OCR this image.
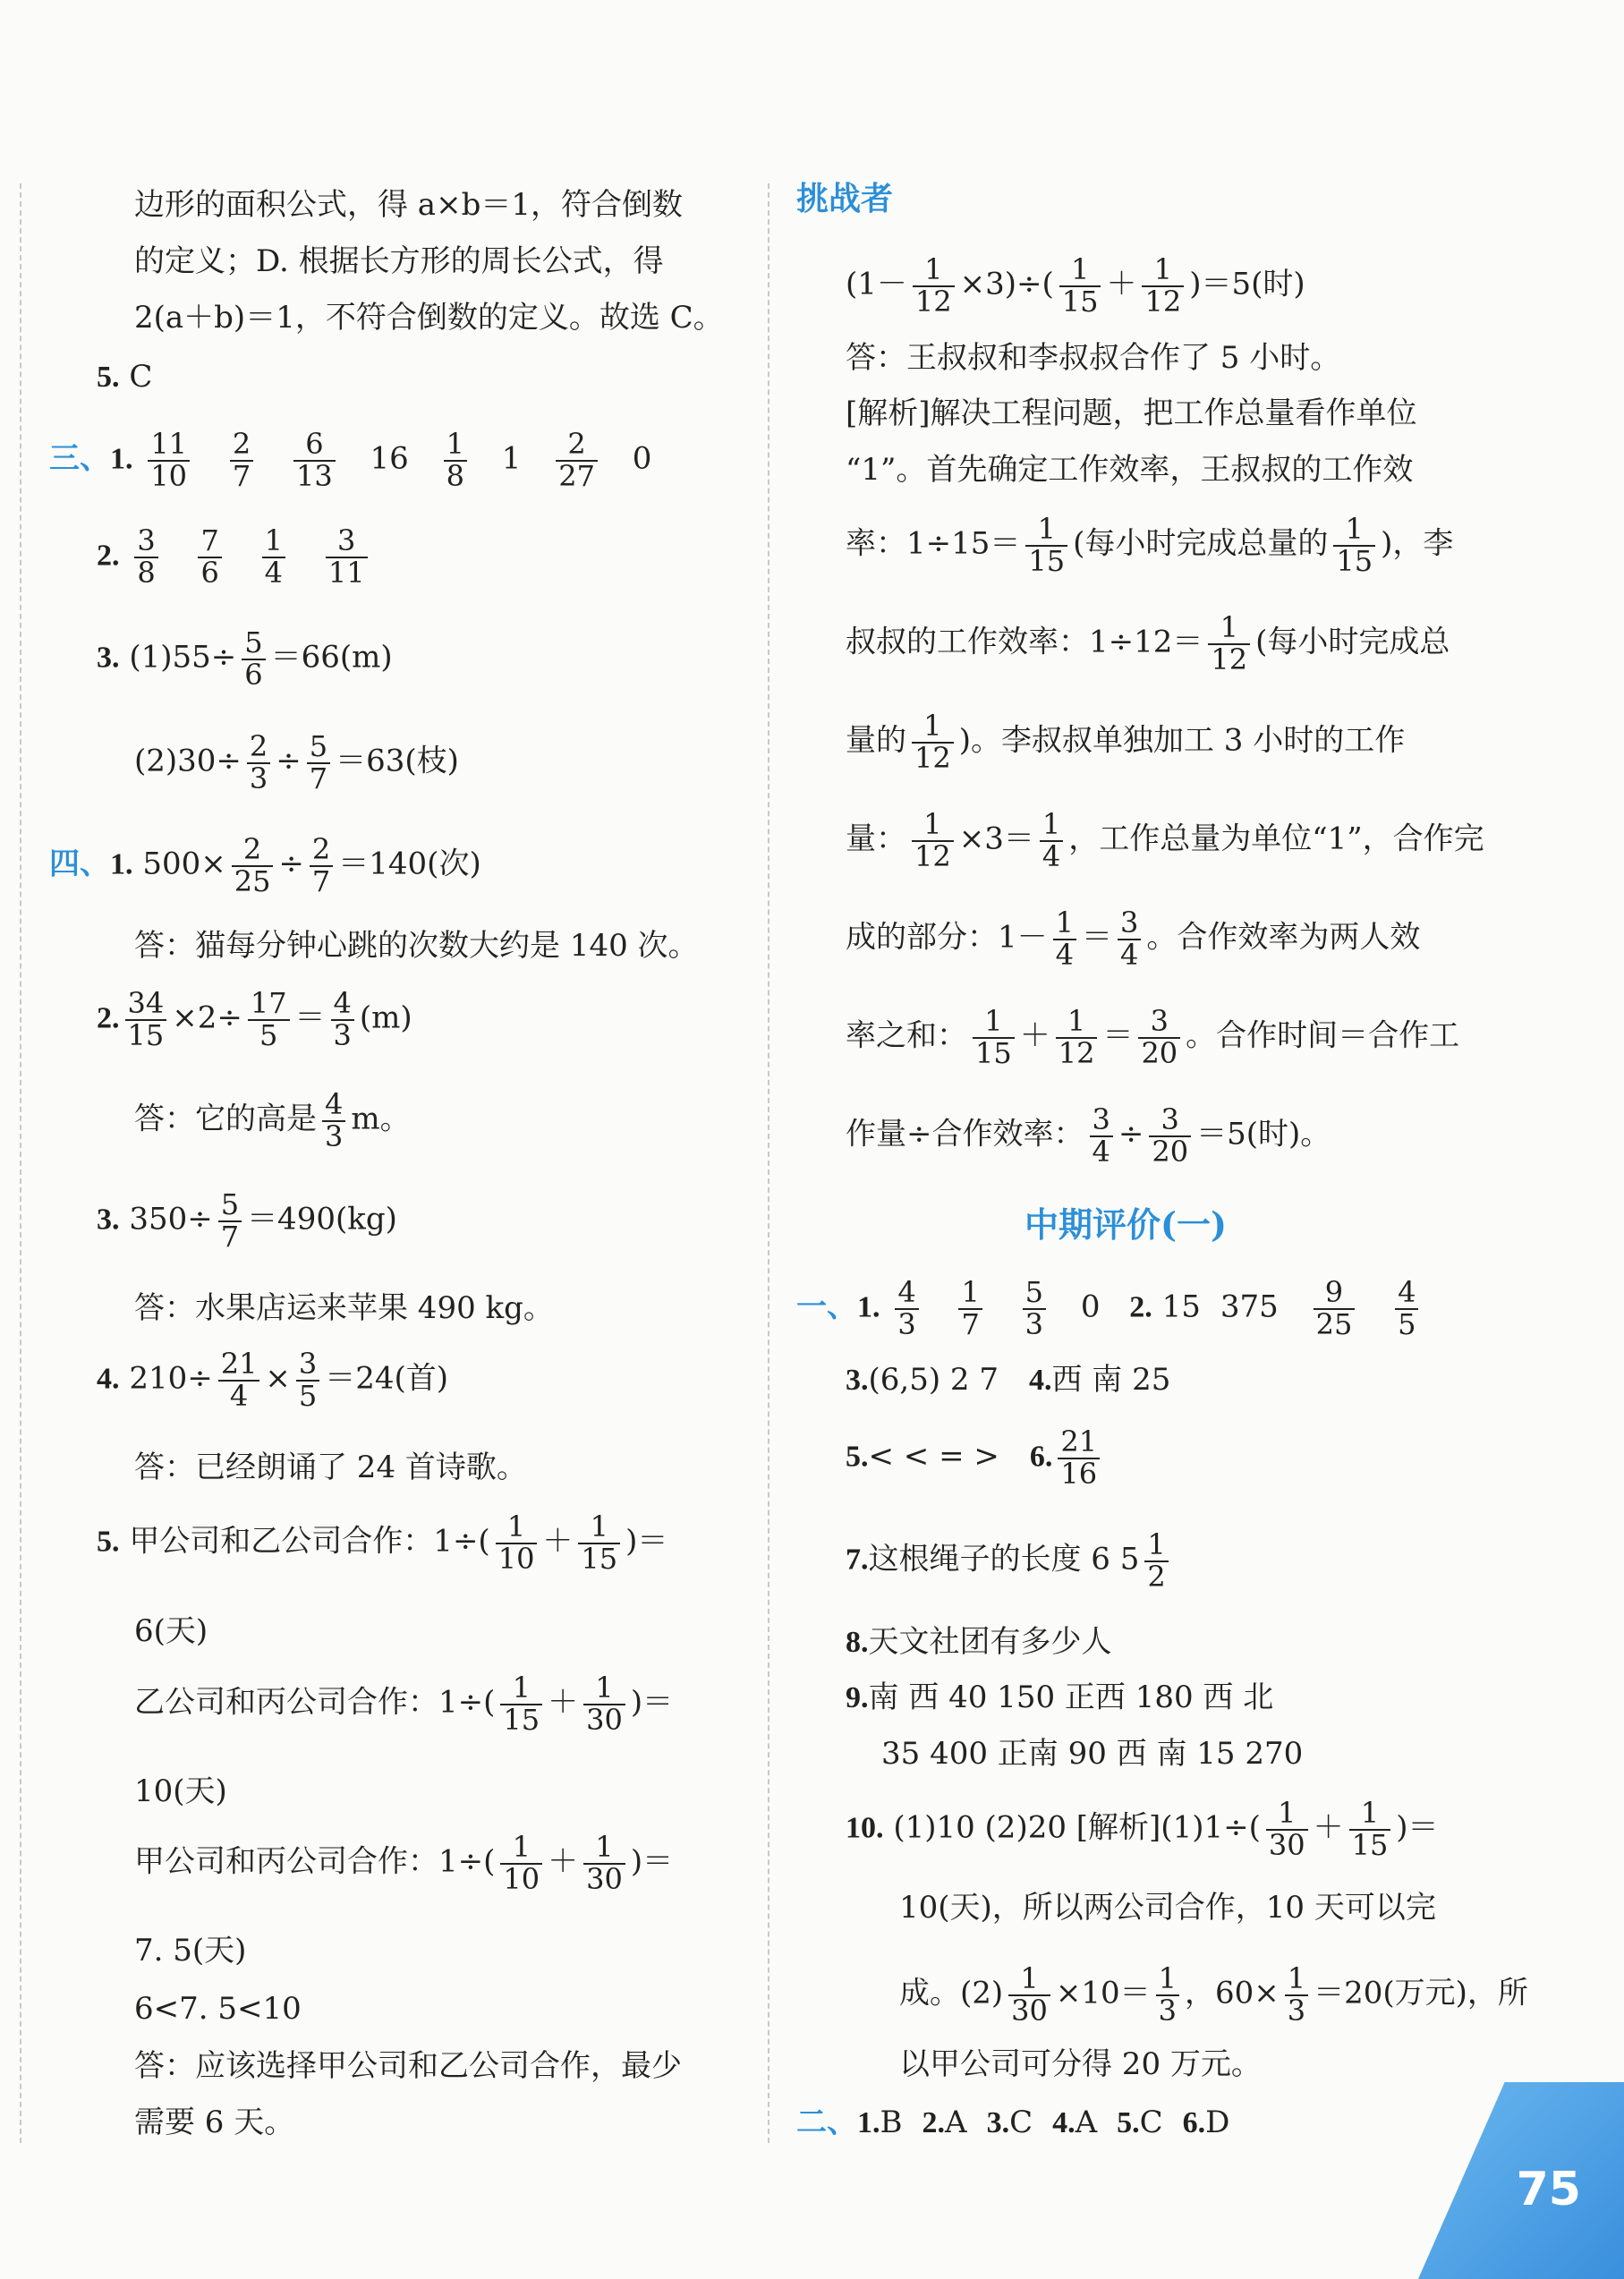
边形的面积公式，得 a×b＝1，符合倒数
的定义；D. 根据长方形的周长公式，得
2(a＋b)＝1，不符合倒数的定义。故选 C。
5. C
三、1. $\frac{11}{10}$
$\frac{2}{7}$
$\frac{6}{13} 16 \frac{1}{8} 1 \frac{2}{27} 0$
2. $\frac{3}{8}$
$\frac{7}{6}$
$\frac{1}{4}$
$\frac{3}{11}$
3. $(1)55\div \frac{5}{6} =66(m)$
$(2)30\div \frac{2}{3} \div \frac{5}{7} =63$(枝)
四、1. $500\times \frac{2}{25} \div \frac{2}{7} =140$(次)
答：猫每分钟心跳的次数大约是 140 次。
2. $\frac{34}{15} \times 2\div \frac{17}{5} = \frac{4}{3} (m)$
答：它的高是 $\frac{4}{3}$ m。
3. $350\div \frac{5}{7} =490(kg)$
答：水果店运来苹果 490 kg。
4. $210\div \frac{21}{4} \times \frac{3}{5} =24$(首)
答：已经朗诵了 24 首诗歌。
5. 甲公司和乙公司合作：$1\div( \frac{1}{10} + \frac{1}{15}$ )＝
6(天)
乙公司和丙公司合作：$1\div( \frac{1}{15} + \frac{1}{30}$ )＝
10(天)
甲公司和丙公司合作：$1\div( \frac{1}{10} + \frac{1}{30}$ )＝
7. 5(天)
6<7. 5<10
答：应该选择甲公司和乙公司合作，最少
需要 6 天。
挑战者
$(1- \frac{1}{12} \times 3)\div( \frac{1}{15} + \frac{1}{12} )=5$(时)
答：王叔叔和李叔叔合作了 5 小时。
[解析]解决工程问题，把工作总量看作单位
“1”。首先确定工作效率，王叔叔的工作效
率：$1\div 15= \frac{1}{15}$ (每小时完成总量的 $\frac{1}{15}$ )，李
叔叔的工作效率：$1\div 12= \frac{1}{12}$ (每小时完成总
量的 $\frac{1}{12}$ )。李叔叔单独加工 3 小时的工作
量： $\frac{1}{12} \times 3= \frac{1}{4}$ ，工作总量为单位“1”，合作完
成的部分：$1- \frac{1}{4} = \frac{3}{4}$ 。合作效率为两人效
率之和： $\frac{1}{15} + \frac{1}{12} = \frac{3}{20}$ 。合作时间＝合作工
作量÷合作效率： $\frac{3}{4} \div \frac{3}{20} =5$(时)。
中期评价(一)
一、1. $\frac{4}{3}$
$\frac{1}{7}$
$\frac{5}{3} 0$ 2. 15 $375 \frac{9}{25}$
$\frac{4}{5}$
3.(6,5) 2 7 4.西 南 25
5.< < = > 6. $\frac{21}{16}$
7.这根绳子的长度 6 $5 \frac{1}{2}$
8.天文社团有多少人
9.南 西 40 150 正西 180 西 北
35 400 正南 90 西 南 15 270
10. (1)10 (2)20 [解析]$(1)1\div( \frac{1}{30} + \frac{1}{15}$ )＝
10(天)，所以两公司合作，10 天可以完
成。$(2) \frac{1}{30} \times 10= \frac{1}{3}$ ，$60\times \frac{1}{3} =20$(万元)，所
以甲公司可分得 20 万元。
二、1.B 2.A 3.C 4.A 5.C 6.D
75
